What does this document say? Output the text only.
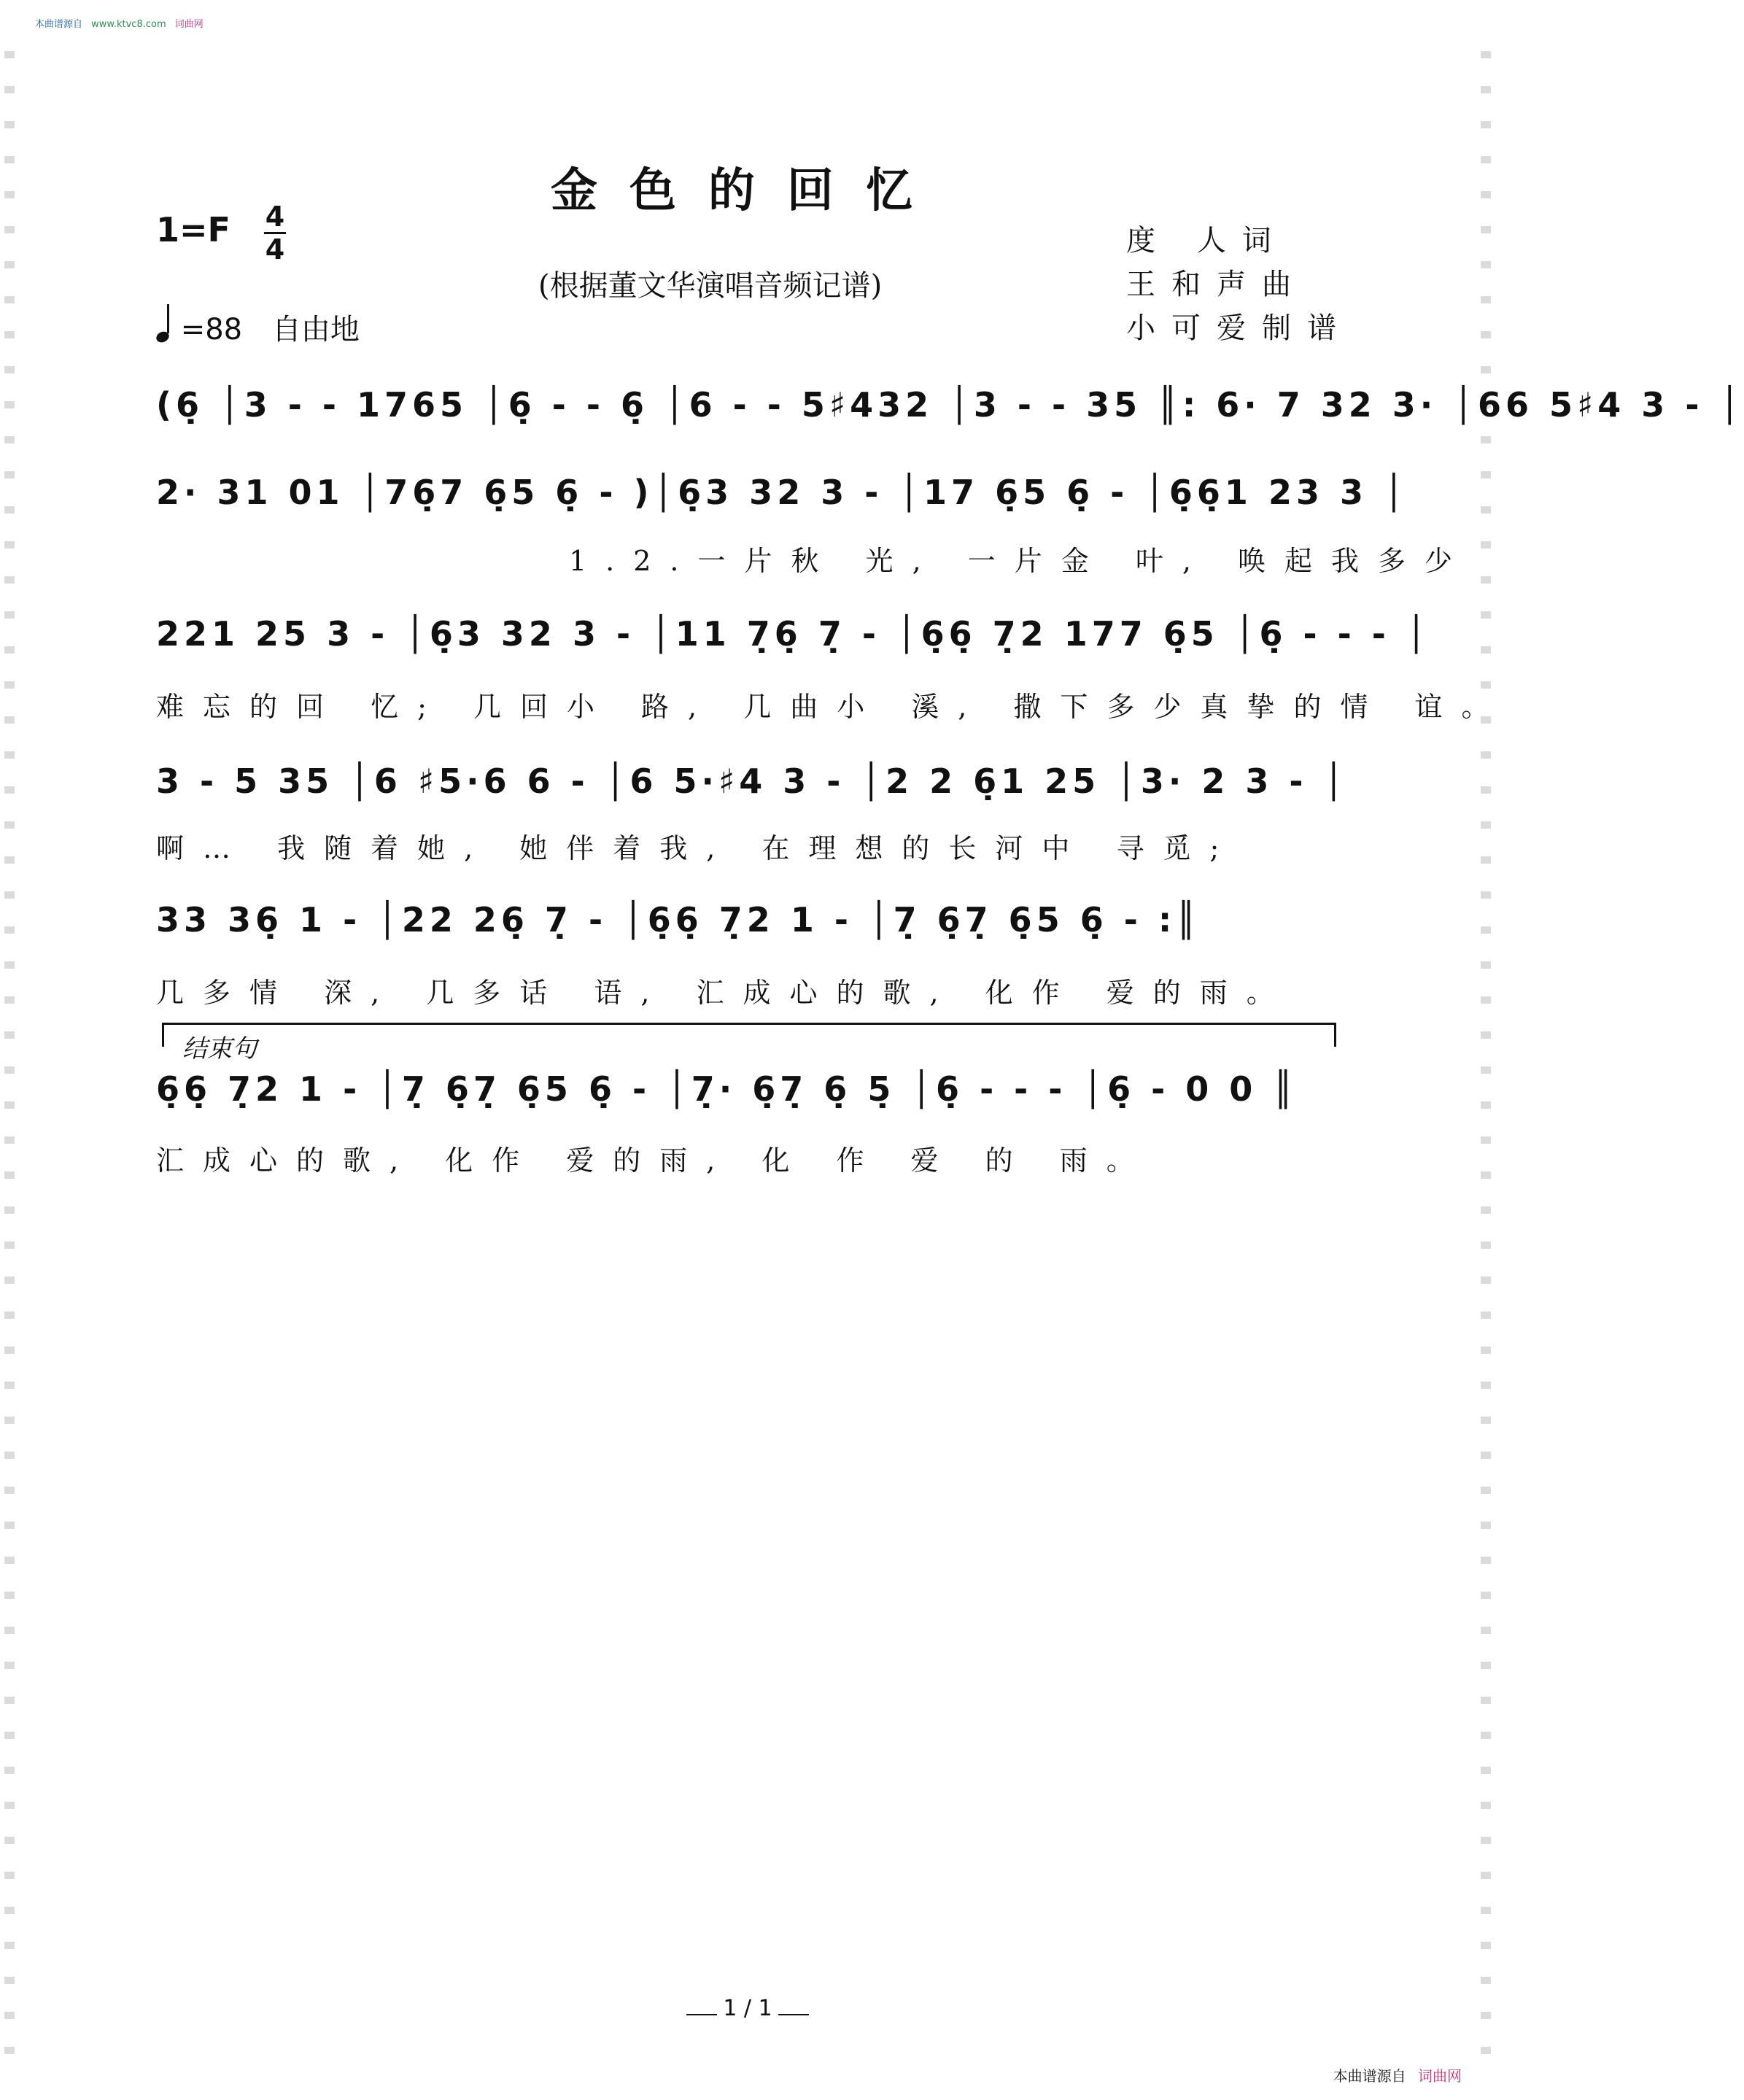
本曲谱源自 www.ktvc8.com 词曲网
金色的回忆
1=F 4
4
(根据董文华演唱音频记谱)
=88 自由地
度 人词
王和声曲
小可爱制谱
(6̣ │3 - - 1765 │6̣ - - 6̣ │6 - - 5♯432 │3 - - 35 ║: 6· 7 32 3· │66 5♯4 3 - │
2· 31 01 │76̣7 6̣5 6̣ - )│6̣3 32 3 - │17 6̣5 6̣ - │6̣6̣1 23 3 │
1.2.一片秋 光, 一片金 叶, 唤起我多少
221 25 3 - │6̣3 32 3 - │11 7̣6̣ 7̣ - │6̣6̣ 7̣2 177 6̣5 │6̣ - - - │
难忘的回 忆; 几回小 路, 几曲小 溪, 撒下多少真挚的情 谊。
3 - 5 35 │6 ♯5·6 6 - │6 5·♯4 3 - │2 2 6̣1 25 │3· 2 3 - │
啊… 我随着她, 她伴着我, 在理想的长河中 寻觅;
33 36̣ 1 - │22 26̣ 7̣ - │6̣6̣ 7̣2 1 - │7̣ 6̣7̣ 6̣5 6̣ - :║
几多情 深, 几多话 语, 汇成心的歌, 化作 爱的雨。
结束句
6̣6̣ 7̣2 1 - │7̣ 6̣7̣ 6̣5 6̣ - │7̣· 6̣7̣ 6̣ 5̣ │6̣ - - - │6̣ - 0 0 ║
汇成心的歌, 化作 爱的雨, 化 作 爱 的 雨。
1 / 1
本曲谱源自 词曲网
